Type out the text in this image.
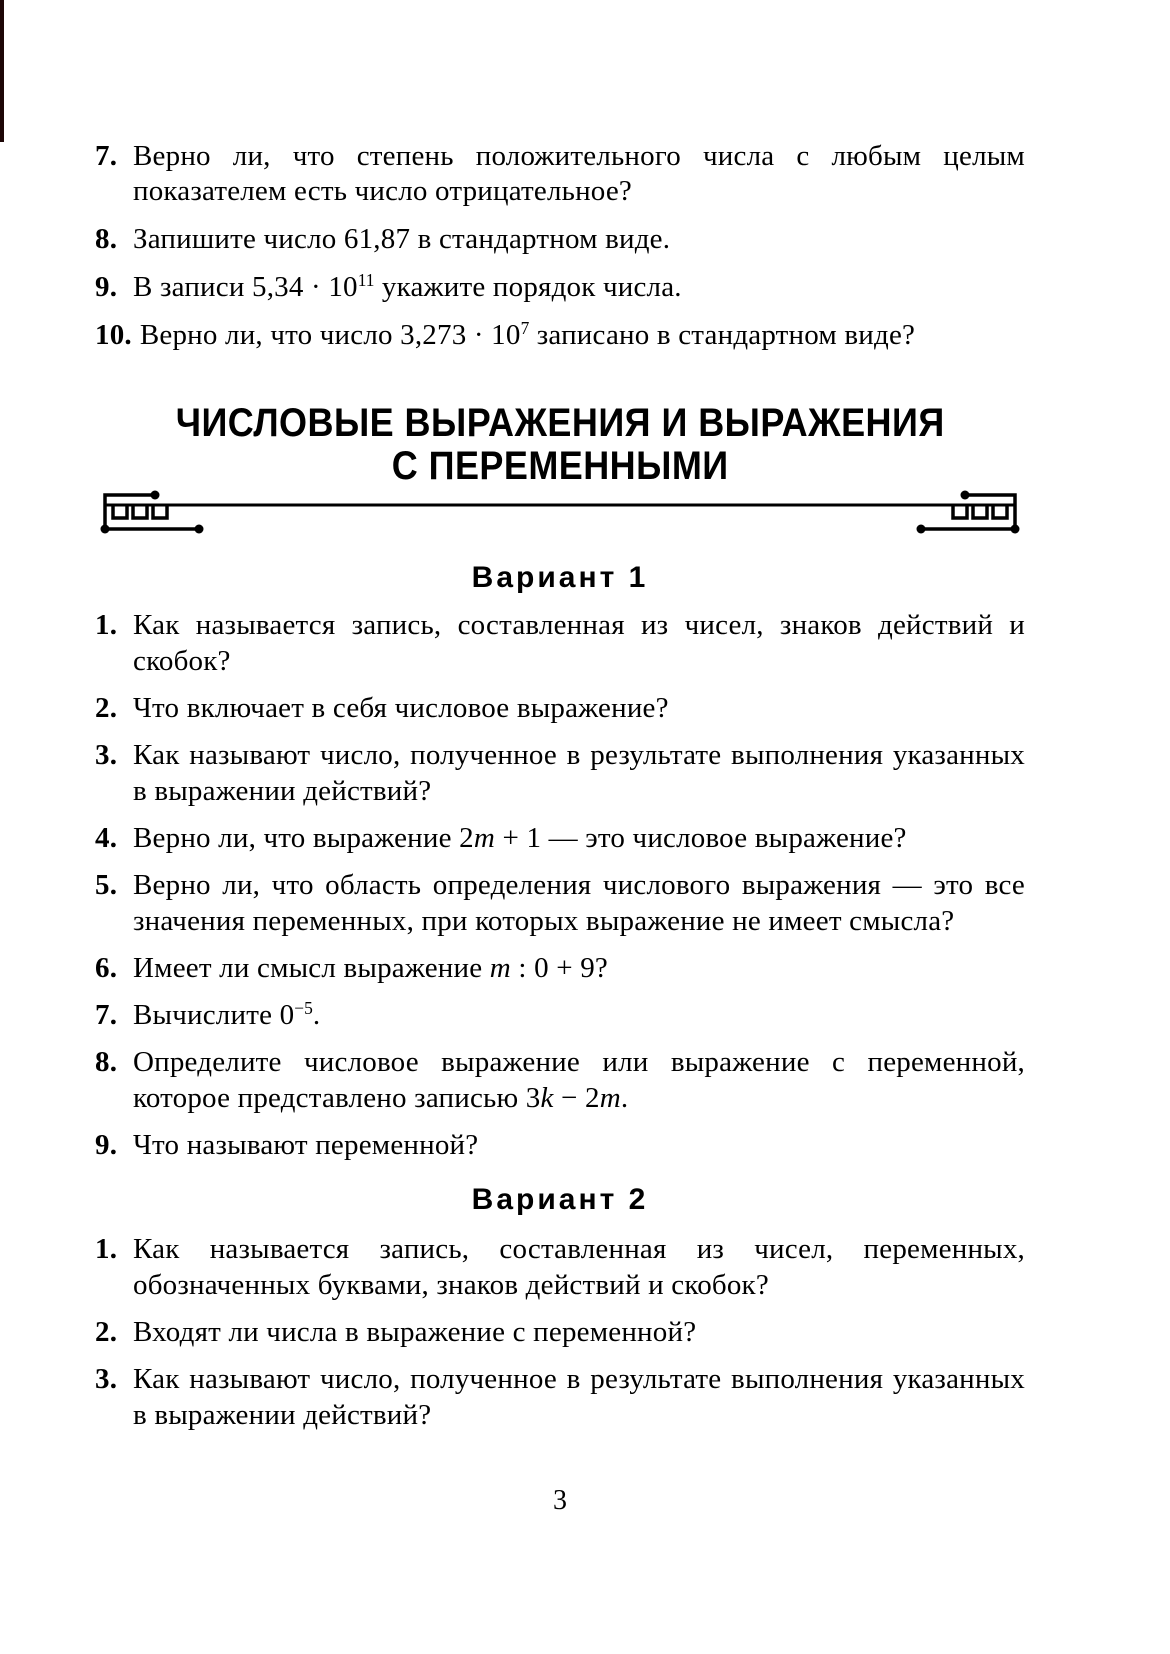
7. Верно ли, что степень положительного числа с любым целым показателем есть число отрицательное?
8. Запишите число 61,87 в стандартном виде.
9. В записи $5,34 \cdot 10^{11}$ укажите порядок числа.
10. Верно ли, что число $3,273 \cdot 10^7$ записано в стандартном виде?
ЧИСЛОВЫЕ ВЫРАЖЕНИЯ И ВЫРАЖЕНИЯ
С ПЕРЕМЕННЫМИ
Вариант 1
1. Как называется запись, составленная из чисел, знаков действий и скобок?
2. Что включает в себя числовое выражение?
3. Как называют число, полученное в результате выполнения указанных в выражении действий?
4. Верно ли, что выражение 2m + 1 — это числовое выражение?
5. Верно ли, что область определения числового выражения — это все значения переменных, при которых выражение не имеет смысла?
6. Имеет ли смысл выражение m : 0 + 9?
7. Вычислите $0^{-5}$.
8. Определите числовое выражение или выражение с переменной, которое представлено записью 3k − 2m.
9. Что называют переменной?
Вариант 2
1. Как называется запись, составленная из чисел, переменных, обозначенных буквами, знаков действий и скобок?
2. Входят ли числа в выражение с переменной?
3. Как называют число, полученное в результате выполнения указанных в выражении действий?
3
